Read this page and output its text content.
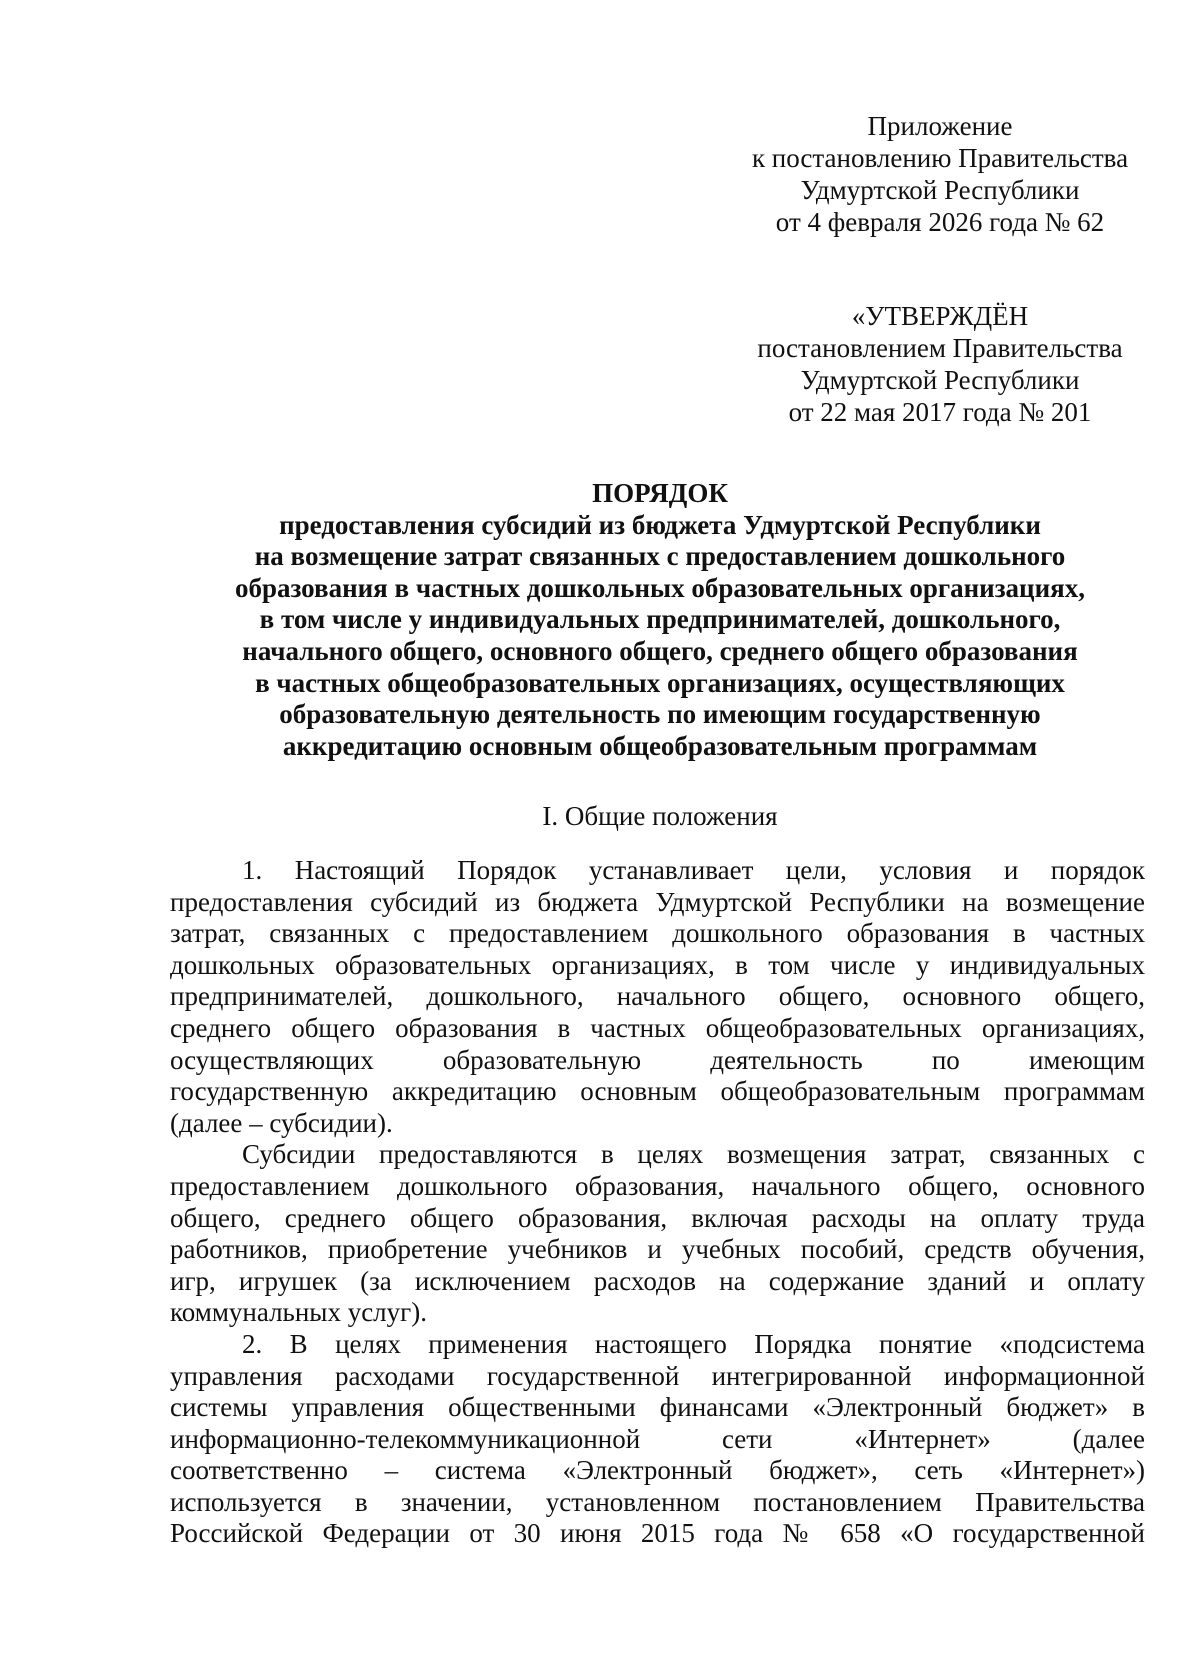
Приложение
к постановлению Правительства
Удмуртской Республики
от 4 февраля 2026 года № 62
«УТВЕРЖДЁН
постановлением Правительства
Удмуртской Республики
от 22 мая 2017 года № 201
ПОРЯДОК
предоставления субсидий из бюджета Удмуртской Республики
на возмещение затрат связанных с предоставлением дошкольного
образования в частных дошкольных образовательных организациях,
в том числе у индивидуальных предпринимателей, дошкольного,
начального общего, основного общего, среднего общего образования
в частных общеобразовательных организациях, осуществляющих
образовательную деятельность по имеющим государственную
аккредитацию основным общеобразовательным программам
I. Общие положения
1. Настоящий Порядок устанавливает цели, условия и порядок
предоставления субсидий из бюджета Удмуртской Республики на возмещение
затрат, связанных с предоставлением дошкольного образования в частных
дошкольных образовательных организациях, в том числе у индивидуальных
предпринимателей, дошкольного, начального общего, основного общего,
среднего общего образования в частных общеобразовательных организациях,
осуществляющих образовательную деятельность по имеющим
государственную аккредитацию основным общеобразовательным программам
(далее – субсидии).
Субсидии предоставляются в целях возмещения затрат, связанных с
предоставлением дошкольного образования, начального общего, основного
общего, среднего общего образования, включая расходы на оплату труда
работников, приобретение учебников и учебных пособий, средств обучения,
игр, игрушек (за исключением расходов на содержание зданий и оплату
коммунальных услуг).
2. В целях применения настоящего Порядка понятие «подсистема
управления расходами государственной интегрированной информационной
системы управления общественными финансами «Электронный бюджет» в
информационно-телекоммуникационной сети «Интернет» (далее
соответственно – система «Электронный бюджет», сеть «Интернет»)
используется в значении, установленном постановлением Правительства
Российской Федерации от 30 июня 2015 года № 658 «О государственной
